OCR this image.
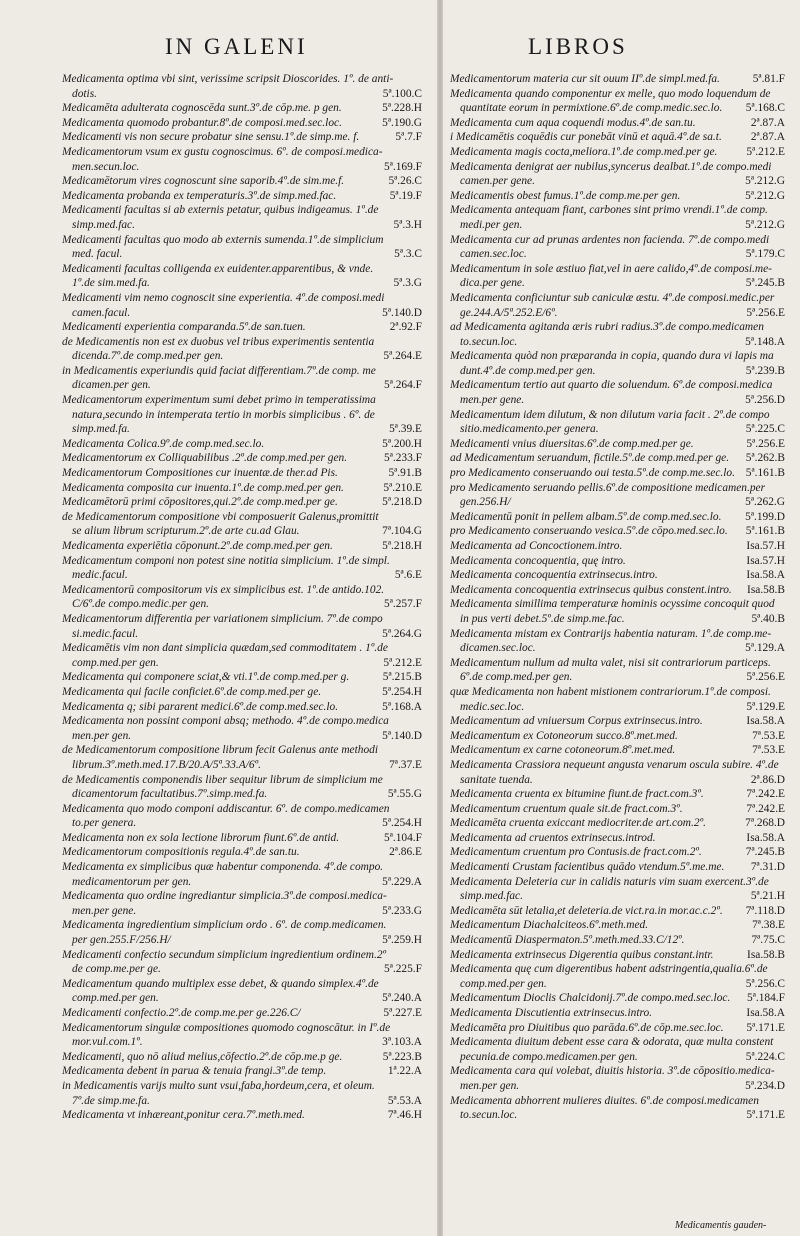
IN GALENI	LIBROS
Medicamenta optima vbi sint, verissime scripsit Dioscorides. 1º. de anti-
dotis.	5ª.100.C
Medicamēta adulterata cognoscēda sunt.3º.de cōp.me. p gen.	5ª.228.H
Medicamenta quomodo probantur.8º.de composi.med.sec.loc.	5ª.190.G
Medicamenti vis non secure probatur sine sensu.1º.de simp.me. f.	5ª.7.F
Medicamentorum vsum ex gustu cognoscimus. 6º. de composi.medica-
men.secun.loc.	5ª.169.F
Medicamētorum vires cognoscunt sine saporib.4º.de sim.me.f.	5ª.26.C
Medicamenta probanda ex temperaturis.3º.de simp.med.fac.	5ª.19.F
Medicamenti facultas si ab externis petatur, quibus indigeamus. 1º.de
simp.med.fac.	5ª.3.H
Medicamenti facultas quo modo ab externis sumenda.1º.de simplicium
med. facul.	5ª.3.C
Medicamenti facultas colligenda ex euidenter.apparentibus, & vnde.
1º.de sim.med.fa.	5ª.3.G
Medicamenti vim nemo cognoscit sine experientia. 4º.de composi.medi
camen.facul.	5ª.140.D
Medicamenti experientia comparanda.5º.de san.tuen.	2ª.92.F
de Medicamentis non est ex duobus vel tribus experimentis sententia
dicenda.7º.de comp.med.per gen.	5ª.264.E
in Medicamentis experiundis quid faciat differentiam.7º.de comp. me
dicamen.per gen.	5ª.264.F
Medicamentorum experimentum sumi debet primo in temperatissima
natura,secundo in intemperata tertio in morbis simplicibus . 6º. de
simp.med.fa.	5ª.39.E
Medicamenta Colica.9º.de comp.med.sec.lo.	5ª.200.H
Medicamentorum ex Colliquabilibus .2º.de comp.med.per gen.	5ª.233.F
Medicamentorum Compositiones cur inuentæ.de ther.ad Pis.	5ª.91.B
Medicamenta composita cur inuenta.1º.de comp.med.per gen.	5ª.210.E
Medicamētorū primi cōpositores,qui.2º.de comp.med.per ge.	5ª.218.D
de Medicamentorum compositione vbi composuerit Galenus,promittit
se alium librum scripturum.2º.de arte cu.ad Glau.	7ª.104.G
Medicamenta experiētia cōponunt.2º.de comp.med.per gen.	5ª.218.H
Medicamentum componi non potest sine notitia simplicium. 1º.de simpl.
medic.facul.	5ª.6.E
Medicamentorū compositorum vis ex simplicibus est. 1º.de antido.102.
C/6º.de compo.medic.per gen.	5ª.257.F
Medicamentorum differentia per variationem simplicium. 7º.de compo
si.medic.facul.	5ª.264.G
Medicamētis vim non dant simplicia quædam,sed commoditatem . 1º.de
comp.med.per gen.	5ª.212.E
Medicamenta qui componere sciat,& vti.1º.de comp.med.per g.	5ª.215.B
Medicamenta qui facile conficiet.6º.de comp.med.per ge.	5ª.254.H
Medicamenta q; sibi pararent medici.6º.de comp.med.sec.lo.	5ª.168.A
Medicamenta non possint componi absq; methodo. 4º.de compo.medica
men.per gen.	5ª.140.D
de Medicamentorum compositione librum fecit Galenus ante methodi
librum.3º.meth.med.17.B/20.A/5ª.33.A/6º.	7ª.37.E
de Medicamentis componendis liber sequitur librum de simplicium me
dicamentorum facultatibus.7º.simp.med.fa.	5ª.55.G
Medicamenta quo modo componi addiscantur. 6º. de compo.medicamen
to.per genera.	5ª.254.H
Medicamenta non ex sola lectione librorum fiunt.6º.de antid.	5ª.104.F
Medicamentorum compositionis regula.4º.de san.tu.	2ª.86.E
Medicamenta ex simplicibus quæ habentur componenda. 4º.de compo.
medicamentorum per gen.	5ª.229.A
Medicamenta quo ordine ingrediantur simplicia.3º.de composi.medica-
men.per gene.	5ª.233.G
Medicamenta ingredientium simplicium ordo . 6º. de comp.medicamen.
per gen.255.F/256.H/	5ª.259.H
Medicamenti confectio secundum simplicium ingredientium ordinem.2º
de comp.me.per ge.	5ª.225.F
Medicamentum quando multiplex esse debet, & quando simplex.4º.de
comp.med.per gen.	5ª.240.A
Medicamenti confectio.2º.de comp.me.per ge.226.C/	5ª.227.E
Medicamentorum singulæ compositiones quomodo cognoscātur. in Iº.de
mor.vul.com.1º.	3ª.103.A
Medicamenti, quo nō aliud melius,cōfectio.2º.de cōp.me.p ge.	5ª.223.B
Medicamenta debent in parua & tenuia frangi.3º.de temp.	1ª.22.A
in Medicamentis varijs multo sunt vsui,faba,hordeum,cera, et oleum.
7º.de simp.me.fa.	5ª.53.A
Medicamenta vt inhæreant,ponitur cera.7º.meth.med.	7ª.46.H
Medicamentorum materia cur sit ouum IIº.de simpl.med.fa.	5ª.81.F
Medicamenta quando componentur ex melle, quo modo loquendum de
quantitate eorum in permixtione.6º.de comp.medic.sec.lo.	5ª.168.C
Medicamenta cum aqua coquendi modus.4º.de san.tu.	2ª.87.A
i Medicamētis coquēdis cur ponebāt vinū et aquā.4º.de sa.t.	2ª.87.A
Medicamenta magis cocta,meliora.1º.de comp.med.per ge.	5ª.212.E
Medicamenta denigrat aer nubilus,syncerus dealbat.1º.de compo.medi
camen.per gene.	5ª.212.G
Medicamentis obest fumus.1º.de comp.me.per gen.	5ª.212.G
Medicamenta antequam fiant, carbones sint primo vrendi.1º.de comp.
medi.per gen.	5ª.212.G
Medicamenta cur ad prunas ardentes non facienda. 7º.de compo.medi
camen.sec.loc.	5ª.179.C
Medicamentum in sole æstiuo fiat,vel in aere calido,4º.de composi.me-
dica.per gene.	5ª.245.B
Medicamenta conficiuntur sub caniculæ æstu. 4º.de composi.medic.per
ge.244.A/5ª.252.E/6º.	5ª.256.E
ad Medicamenta agitanda æris rubri radius.3º.de compo.medicamen
to.secun.loc.	5ª.148.A
Medicamenta quòd non præparanda in copia, quando dura vi lapis ma
dunt.4º.de comp.med.per gen.	5ª.239.B
Medicamentum tertio aut quarto die soluendum. 6º.de composi.medica
men.per gene.	5ª.256.D
Medicamentum idem dilutum, & non dilutum varia facit . 2º.de compo
sitio.medicamento.per genera.	5ª.225.C
Medicamenti vnius diuersitas.6º.de comp.med.per ge.	5ª.256.E
ad Medicamentum seruandum, fictile.5º.de comp.med.per ge.	5ª.262.B
pro Medicamento conseruando oui testa.5º.de comp.me.sec.lo. 5ª.161.B
pro Medicamento seruando pellis.6º.de compositione medicamen.per
gen.256.H/	5ª.262.G
Medicamentū ponit in pellem albam.5º.de comp.med.sec.lo.	5ª.199.D
pro Medicamento conseruando vesica.5º.de cōpo.med.sec.lo.	5ª.161.B
Medicamenta ad Concoctionem.intro.	Isa.57.H
Medicamenta concoquentia, quę intro.	Isa.57.H
Medicamenta concoquentia extrinsecus.intro.	Isa.58.A
Medicamenta concoquentia extrinsecus quibus constent.intro.	Isa.58.B
Medicamenta simillima temperaturæ hominis ocyssime concoquit quod
in pus verti debet.5º.de simp.me.fac.	5ª.40.B
Medicamenta mistam ex Contrarijs habentia naturam. 1º.de comp.me-
dicamen.sec.loc.	5ª.129.A
Medicamentum nullum ad multa valet, nisi sit contrariorum particeps.
6º.de comp.med.per gen.	5ª.256.E
quæ Medicamenta non habent mistionem contrariorum.1º.de composi.
medic.sec.loc.	5ª.129.E
Medicamentum ad vniuersum Corpus extrinsecus.intro.	Isa.58.A
Medicamentum ex Cotoneorum succo.8º.met.med.	7ª.53.E
Medicamentum ex carne cotoneorum.8º.met.med.	7ª.53.E
Medicamenta Crassiora nequeunt angusta venarum oscula subire. 4º.de
sanitate tuenda.	2ª.86.D
Medicamenta cruenta ex bitumine fiunt.de fract.com.3º.	7ª.242.E
Medicamentum cruentum quale sit.de fract.com.3º.	7ª.242.E
Medicamēta cruenta exiccant mediocriter.de art.com.2º.	7ª.268.D
Medicamenta ad cruentos extrinsecus.introd.	Isa.58.A
Medicamentum cruentum pro Contusis.de fract.com.2º.	7ª.245.B
Medicamenti Crustam facientibus quādo vtendum.5º.me.me.	7ª.31.D
Medicamenta Deleteria cur in calidis naturis vim suam exercent.3º.de
simp.med.fac.	5ª.21.H
Medicamēta sūt letalia,et deleteria.de vict.ra.in mor.ac.c.2º.	7ª.118.D
Medicamentum Diachalciteos.6º.meth.med.	7ª.38.E
Medicamentū Diaspermaton.5º.meth.med.33.C/12º.	7ª.75.C
Medicamenta extrinsecus Digerentia quibus constant.intr.	Isa.58.B
Medicamenta quę cum digerentibus habent adstringentia,qualia.6º.de
comp.med.per gen.	5ª.256.C
Medicamentum Dioclis Chalcidonij.7º.de compo.med.sec.loc.	5ª.184.F
Medicamenta Discutientia extrinsecus.intro.	Isa.58.A
Medicamēta pro Diuitibus quo parāda.6º.de cōp.me.sec.loc.	5ª.171.E
Medicamenta diuitum debent esse cara & odorata, quæ multa constent
pecunia.de compo.medicamen.per gen.	5ª.224.C
Medicamenta cara qui volebat, diuitis historia. 3º.de cōpositio.medica-
men.per gen.	5ª.234.D
Medicamenta abhorrent mulieres diuites. 6º.de composi.medicamen
to.secun.loc.	5ª.171.E
Medicamentis gauden-
